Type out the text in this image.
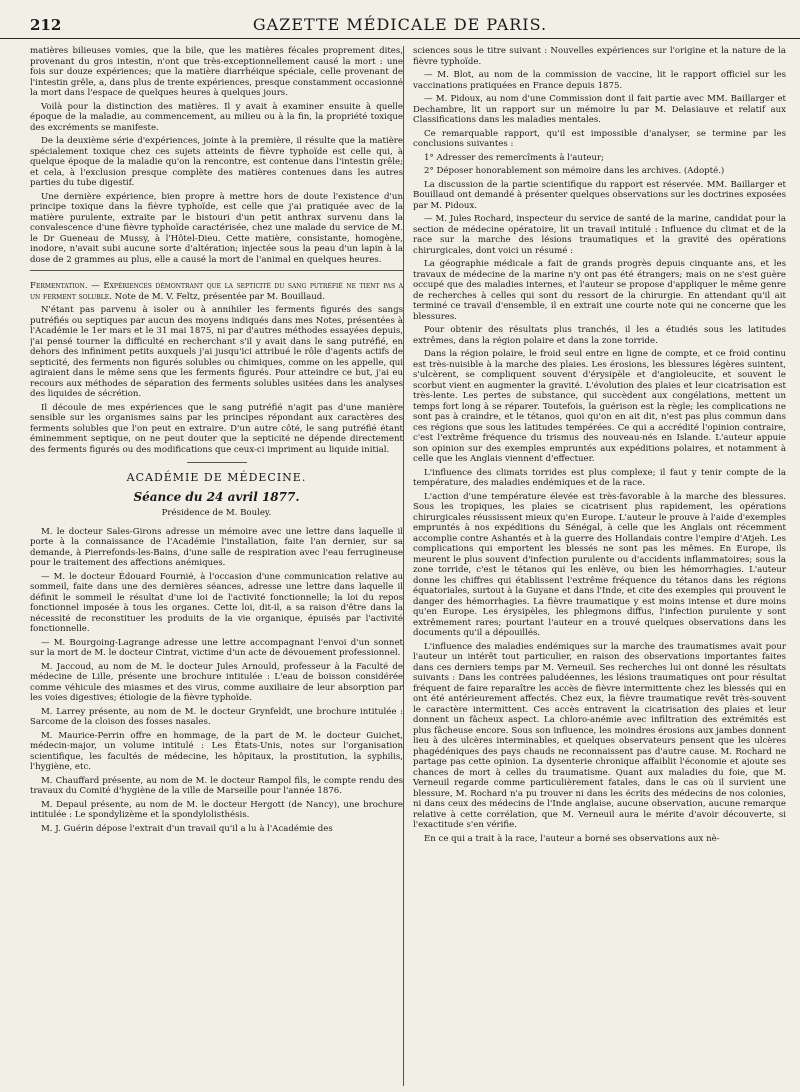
212	GAZETTE MÉDICALE DE PARIS.

matières bilieuses vomies, que la bile, que les matières fécales proprement dites, provenant du gros intestin, n'ont que très-exceptionnellement causé la mort : une fois sur douze expériences; que la matière diarrhéique spéciale, celle provenant de l'intestin grêle, a, dans plus de trente expériences, presque constamment occasionné la mort dans l'espace de quelques heures à quelques jours.

Voilà pour la distinction des matières. Il y avait à examiner ensuite à quelle époque de la maladie, au commencement, au milieu ou à la fin, la propriété toxique des excréments se manifeste.

De la deuxième série d'expériences, jointe à la première, il résulte que la matière spécialement toxique chez ces sujets atteints de fièvre typhoïde est celle qui, à quelque époque de la maladie qu'on la rencontre, est contenue dans l'intestin grêle; et cela, à l'exclusion presque complète des matières contenues dans les autres parties du tube digestif.

Une dernière expérience, bien propre à mettre hors de doute l'existence d'un principe toxique dans la fièvre typhoïde, est celle que j'ai pratiquée avec de la matière purulente, extraite par le bistouri d'un petit anthrax survenu dans la convalescence d'une fièvre typhoïde caractérisée, chez une malade du service de M. le Dr Gueneau de Mussy, à l'Hôtel-Dieu. Cette matière, consistante, homogène, inodore, n'avait subi aucune sorte d'altération; injectée sous la peau d'un lapin à la dose de 2 grammes au plus, elle a causé la mort de l'animal en quelques heures.

Fermentation. — Expériences démontrant que la septicité du sang putréfié ne tient pas a un ferment soluble. Note de M. V. Feltz, présentée par M. Bouillaud.

N'étant pas parvenu à isoler ou à annihiler les ferments figurés des sangs putréfiés ou septiques par aucun des moyens indiqués dans mes Notes, présentées à l'Académie le 1er mars et le 31 mai 1875, ni par d'autres méthodes essayées depuis, j'ai pensé tourner la difficulté en recherchant s'il y avait dans le sang putréfié, en dehors des infiniment petits auxquels j'ai jusqu'ici attribué le rôle d'agents actifs de septicité, des ferments non figurés solubles ou chimiques, comme on les appelle, qui agiraient dans le même sens que les ferments figurés. Pour atteindre ce but, j'ai eu recours aux méthodes de séparation des ferments solubles usitées dans les analyses des liquides de sécrétion.

Il découle de mes expériences que le sang putréfié n'agit pas d'une manière sensible sur les organismes sains par les principes répondant aux caractères des ferments solubles que l'on peut en extraire. D'un autre côté, le sang putréfié étant éminemment septique, on ne peut douter que la septicité ne dépende directement des ferments figurés ou des modifications que ceux-ci impriment au liquide initial.

ACADÉMIE DE MÉDECINE.
Séance du 24 avril 1877.
Présidence de M. Bouley.

M. le docteur Sales-Girons adresse un mémoire avec une lettre dans laquelle il porte à la connaissance de l'Académie l'installation, faite l'an dernier, sur sa demande, à Pierrefonds-les-Bains, d'une salle de respiration avec l'eau ferrugineuse pour le traitement des affections anémiques.

— M. le docteur Édouard Fournié, à l'occasion d'une communication relative au sommeil, faite dans une des dernières séances, adresse une lettre dans laquelle il définit le sommeil le résultat d'une loi de l'activité fonctionnelle; la loi du repos fonctionnel imposée à tous les organes. Cette loi, dit-il, a sa raison d'être dans la nécessité de reconstituer les produits de la vie organique, épuisés par l'activité fonctionnelle.

— M. Bourgoing-Lagrange adresse une lettre accompagnant l'envoi d'un sonnet sur la mort de M. le docteur Cintrat, victime d'un acte de dévouement professionnel.

M. Jaccoud, au nom de M. le docteur Jules Arnould, professeur à la Faculté de médecine de Lille, présente une brochure intitulée : L'eau de boisson considérée comme véhicule des miasmes et des virus, comme auxiliaire de leur absorption par les voies digestives; étiologie de la fièvre typhoïde.

M. Larrey présente, au nom de M. le docteur Grynfeldt, une brochure intitulée : Sarcome de la cloison des fosses nasales.

M. Maurice-Perrin offre en hommage, de la part de M. le docteur Guichet, médecin-major, un volume intitulé : Les États-Unis, notes sur l'organisation scientifique, les facultés de médecine, les hôpitaux, la prostitution, la syphilis, l'hygiène, etc.

M. Chauffard présente, au nom de M. le docteur Rampol fils, le compte rendu des travaux du Comité d'hygiène de la ville de Marseille pour l'année 1876.

M. Depaul présente, au nom de M. le docteur Hergott (de Nancy), une brochure intitulée : Le spondylizème et la spondylolisthésis.

M. J. Guérin dépose l'extrait d'un travail qu'il a lu à l'Académie des

sciences sous le titre suivant : Nouvelles expériences sur l'origine et la nature de la fièvre typhoïde.

— M. Blot, au nom de la commission de vaccine, lit le rapport officiel sur les vaccinations pratiquées en France depuis 1875.

— M. Pidoux, au nom d'une Commission dont il fait partie avec MM. Baillarger et Dechambre, lit un rapport sur un mémoire lu par M. Delasiauve et relatif aux Classifications dans les maladies mentales.

Ce remarquable rapport, qu'il est impossible d'analyser, se termine par les conclusions suivantes :

1° Adresser des remercîments à l'auteur;

2° Déposer honorablement son mémoire dans les archives. (Adopté.)

La discussion de la partie scientifique du rapport est réservée. MM. Baillarger et Bouillaud ont demandé à présenter quelques observations sur les doctrines exposées par M. Pidoux.

— M. Jules Rochard, inspecteur du service de santé de la marine, candidat pour la section de médecine opératoire, lit un travail intitulé : Influence du climat et de la race sur la marche des lésions traumatiques et la gravité des opérations chirurgicales, dont voici un résumé :

La géographie médicale a fait de grands progrès depuis cinquante ans, et les travaux de médecine de la marine n'y ont pas été étrangers; mais on ne s'est guère occupé que des maladies internes, et l'auteur se propose d'appliquer le même genre de recherches à celles qui sont du ressort de la chirurgie. En attendant qu'il ait terminé ce travail d'ensemble, il en extrait une courte note qui ne concerne que les blessures.

Pour obtenir des résultats plus tranchés, il les a étudiés sous les latitudes extrêmes, dans la région polaire et dans la zone torride.

Dans la région polaire, le froid seul entre en ligne de compte, et ce froid continu est très-nuisible à la marche des plaies. Les érosions, les blessures légères suintent, s'ulcèrent, se compliquent souvent d'érysipèle et d'angioleucite, et souvent le scorbut vient en augmenter la gravité. L'évolution des plaies et leur cicatrisation est très-lente. Les pertes de substance, qui succèdent aux congélations, mettent un temps fort long à se réparer. Toutefois, la guérison est la règle; les complications ne sont pas à craindre, et le tétanos, quoi qu'on en ait dit, n'est pas plus commun dans ces régions que sous les latitudes tempérées. Ce qui a accrédité l'opinion contraire, c'est l'extrême fréquence du trismus des nouveau-nés en Islande. L'auteur appuie son opinion sur des exemples empruntés aux expéditions polaires, et notamment à celle que les Anglais viennent d'effectuer.

L'influence des climats torrides est plus complexe; il faut y tenir compte de la température, des maladies endémiques et de la race.

L'action d'une température élevée est très-favorable à la marche des blessures. Sous les tropiques, les plaies se cicatrisent plus rapidement, les opérations chirurgicales réussissent mieux qu'en Europe. L'auteur le prouve à l'aide d'exemples empruntés à nos expéditions du Sénégal, à celle que les Anglais ont récemment accomplie contre Ashantés et à la guerre des Hollandais contre l'empire d'Atjeh. Les complications qui emportent les blessés ne sont pas les mêmes. En Europe, ils meurent le plus souvent d'infection purulente ou d'accidents inflammatoires; sous la zone torride, c'est le tétanos qui les enlève, ou bien les hémorrhagies. L'auteur donne les chiffres qui établissent l'extrême fréquence du tétanos dans les régions équatoriales, surtout à la Guyane et dans l'Inde, et cite des exemples qui prouvent le danger des hémorrhagies. La fièvre traumatique y est moins intense et dure moins qu'en Europe. Les érysipèles, les phlegmons diffus, l'infection purulente y sont extrêmement rares; pourtant l'auteur en a trouvé quelques observations dans les documents qu'il a dépouillés.

L'influence des maladies endémiques sur la marche des traumatismes avait pour l'auteur un intérêt tout particulier, en raison des observations importantes faites dans ces derniers temps par M. Verneuil. Ses recherches lui ont donné les résultats suivants : Dans les contrées paludéennes, les lésions traumatiques ont pour résultat fréquent de faire reparaître les accès de fièvre intermittente chez les blessés qui en ont été antérieurement affectés. Chez eux, la fièvre traumatique revêt très-souvent le caractère intermittent. Ces accès entravent la cicatrisation des plaies et leur donnent un fâcheux aspect. La chloro-anémie avec infiltration des extrémités est plus fâcheuse encore. Sous son influence, les moindres érosions aux jambes donnent lieu à des ulcères interminables, et quelques observateurs pensent que les ulcères phagédéniques des pays chauds ne reconnaissent pas d'autre cause. M. Rochard ne partage pas cette opinion. La dysenterie chronique affaiblit l'économie et ajoute ses chances de mort à celles du traumatisme. Quant aux maladies du foie, que M. Verneuil regarde comme particulièrement fatales, dans le cas où il survient une blessure, M. Rochard n'a pu trouver ni dans les écrits des médecins de nos colonies, ni dans ceux des médecins de l'Inde anglaise, aucune observation, aucune remarque relative à cette corrélation, que M. Verneuil aura le mérite d'avoir découverte, si l'exactitude s'en vérifie.

En ce qui a trait à la race, l'auteur a borné ses observations aux nè-
